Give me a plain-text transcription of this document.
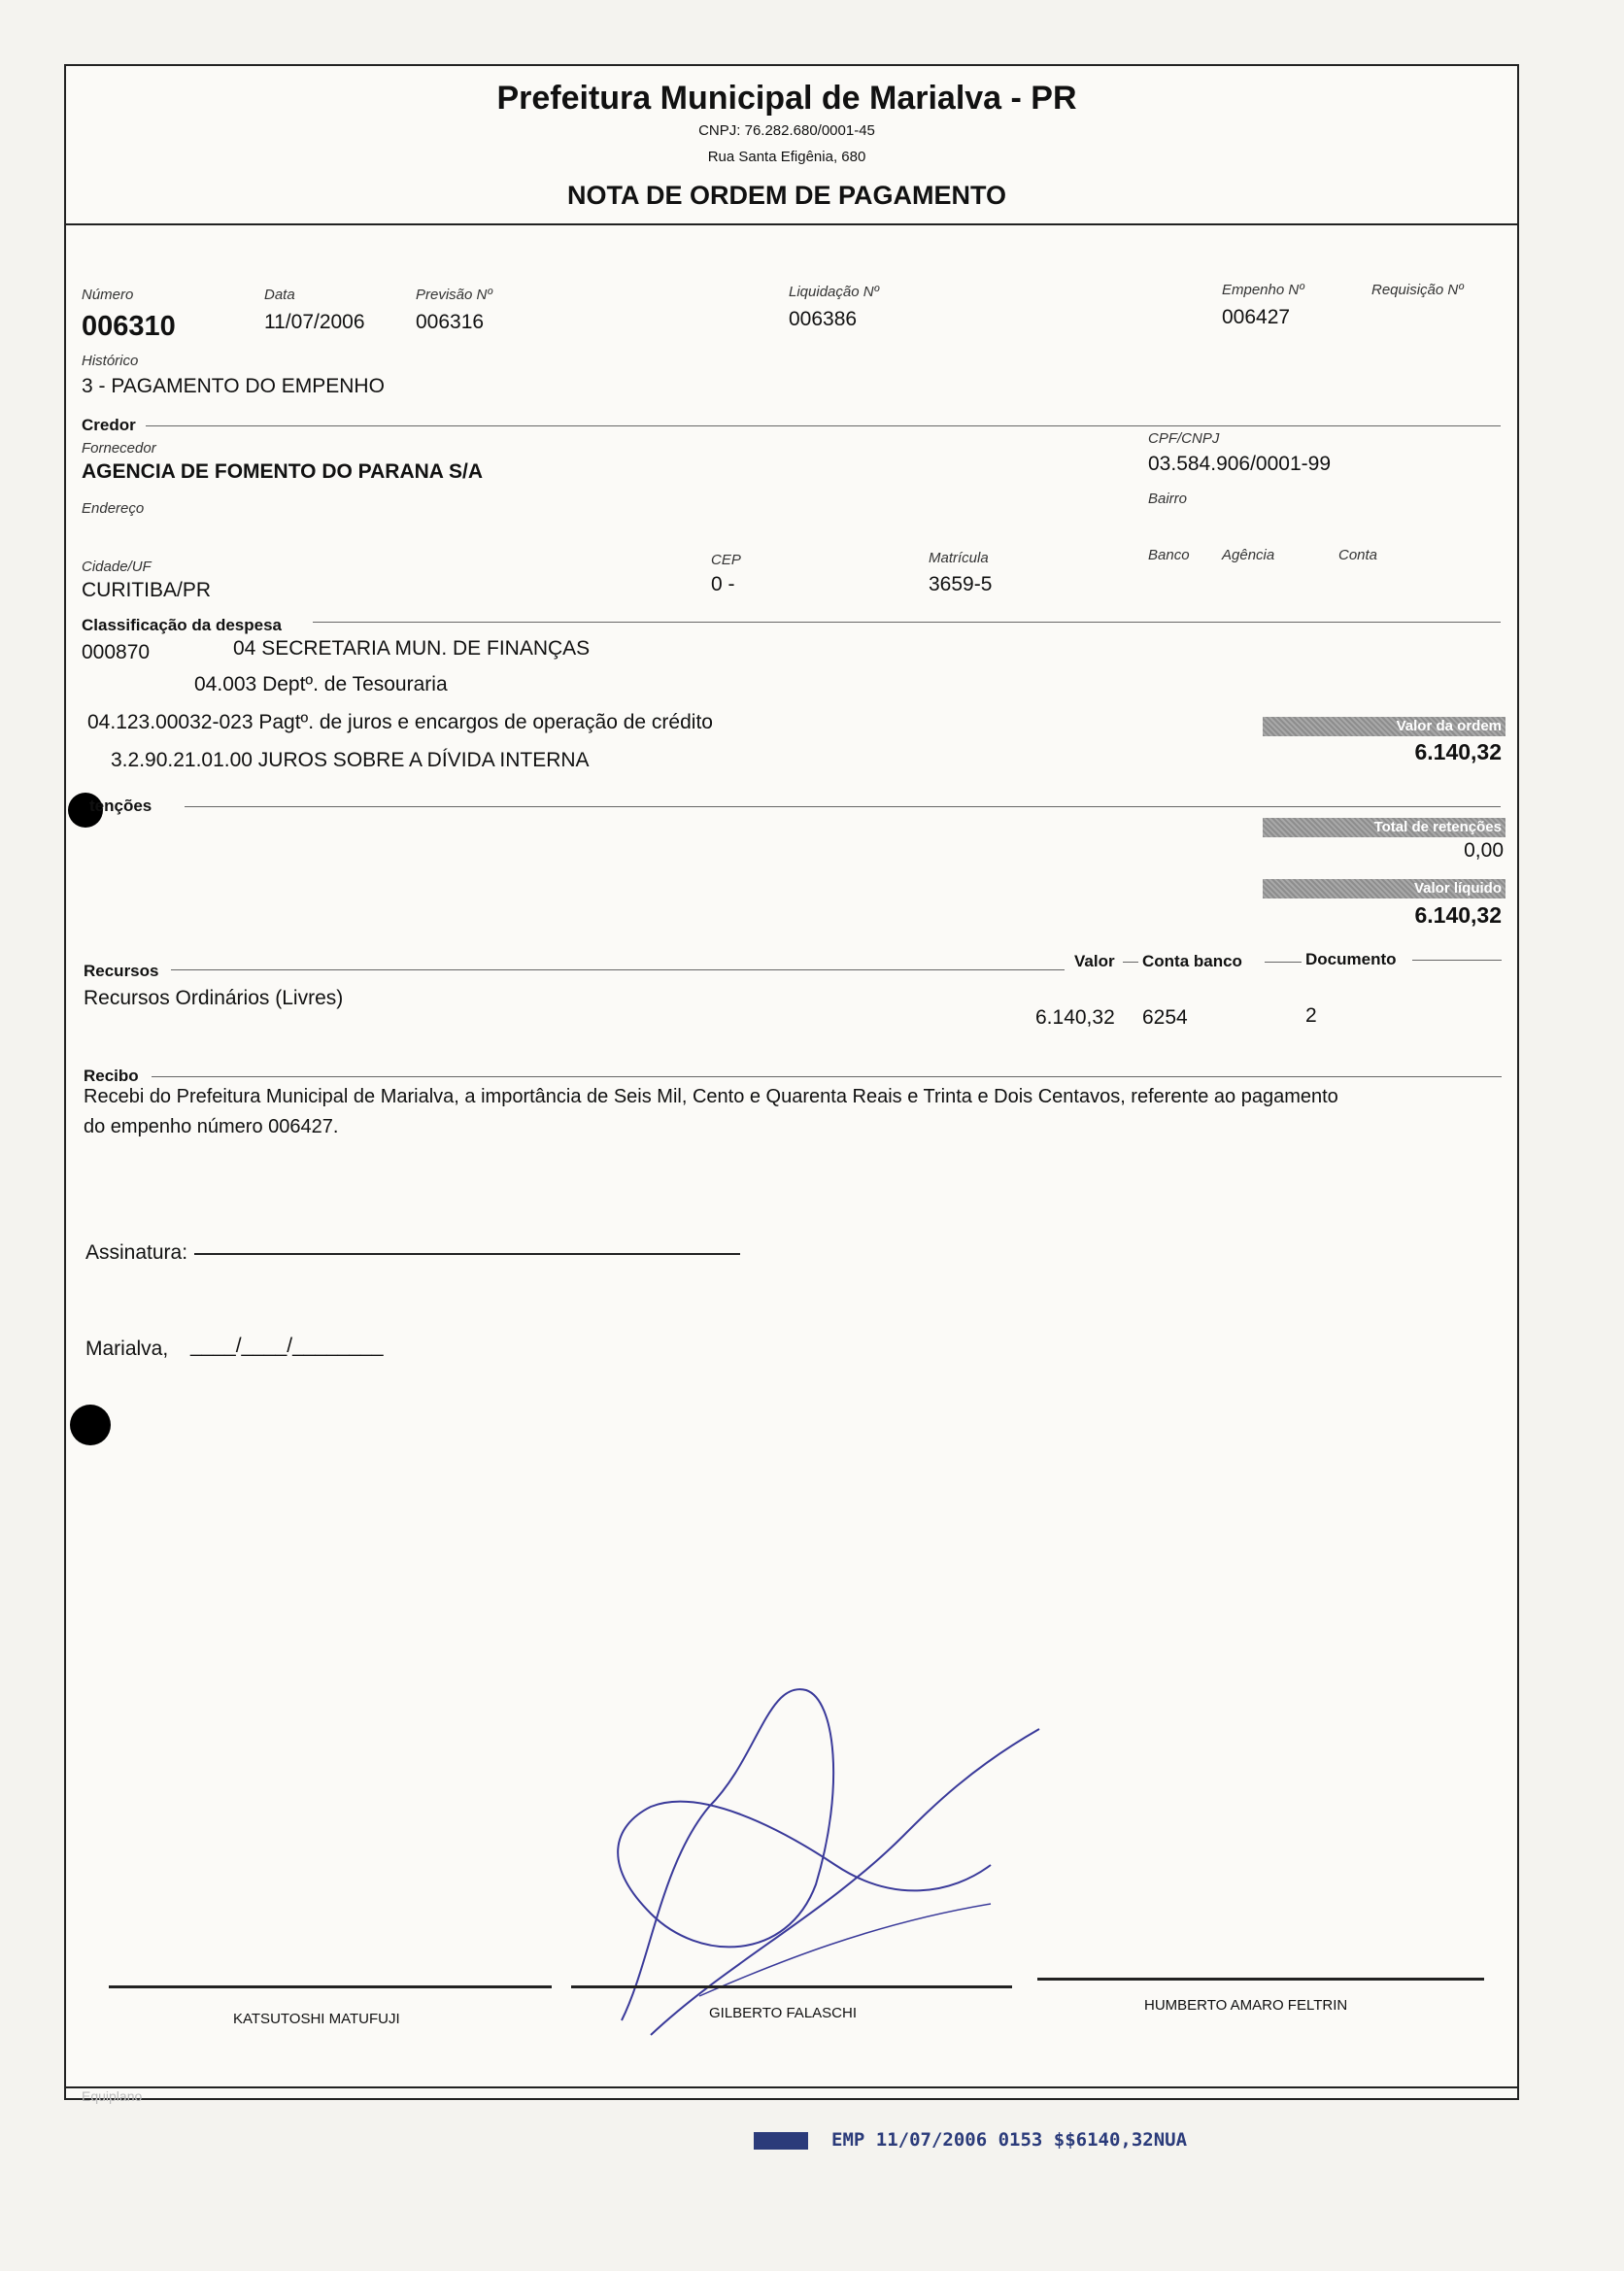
Prefeitura Municipal de Marialva - PR
CNPJ: 76.282.680/0001-45
Rua Santa Efigênia, 680
NOTA DE ORDEM DE PAGAMENTO
Número
006310
Data
11/07/2006
Previsão Nº
006316
Liquidação Nº
006386
Empenho Nº
006427
Requisição Nº
Histórico
3 - PAGAMENTO DO EMPENHO
Credor
Fornecedor
AGENCIA DE FOMENTO DO PARANA S/A
CPF/CNPJ
03.584.906/0001-99
Endereço
Bairro
Cidade/UF
CURITIBA/PR
CEP
0 -
Matrícula
3659-5
Banco Agência	Conta
Classificação da despesa
000870	04 SECRETARIA MUN. DE FINANÇAS
04.003 Deptº. de Tesouraria
04.123.00032-023 Pagtº. de juros e encargos de operação de crédito
3.2.90.21.01.00 JUROS SOBRE A DÍVIDA INTERNA
Valor da ordem
6.140,32
tenções
Total de retenções
0,00
Valor líquido
6.140,32
Recursos
Valor Conta banco	Documento
Recursos Ordinários (Livres)
6.140,32 6254	2
Recibo
Recebi do Prefeitura Municipal de Marialva, a importância de Seis Mil, Cento e Quarenta Reais e Trinta e Dois Centavos, referente ao pagamento
do empenho número 006427.
Assinatura:
Marialva, ____/____/________
KATSUTOSHI MATUFUJI	GILBERTO FALASCHI	HUMBERTO AMARO FELTRIN
Equiplano
EMP 11/07/2006 0153 $$6140,32NUA
